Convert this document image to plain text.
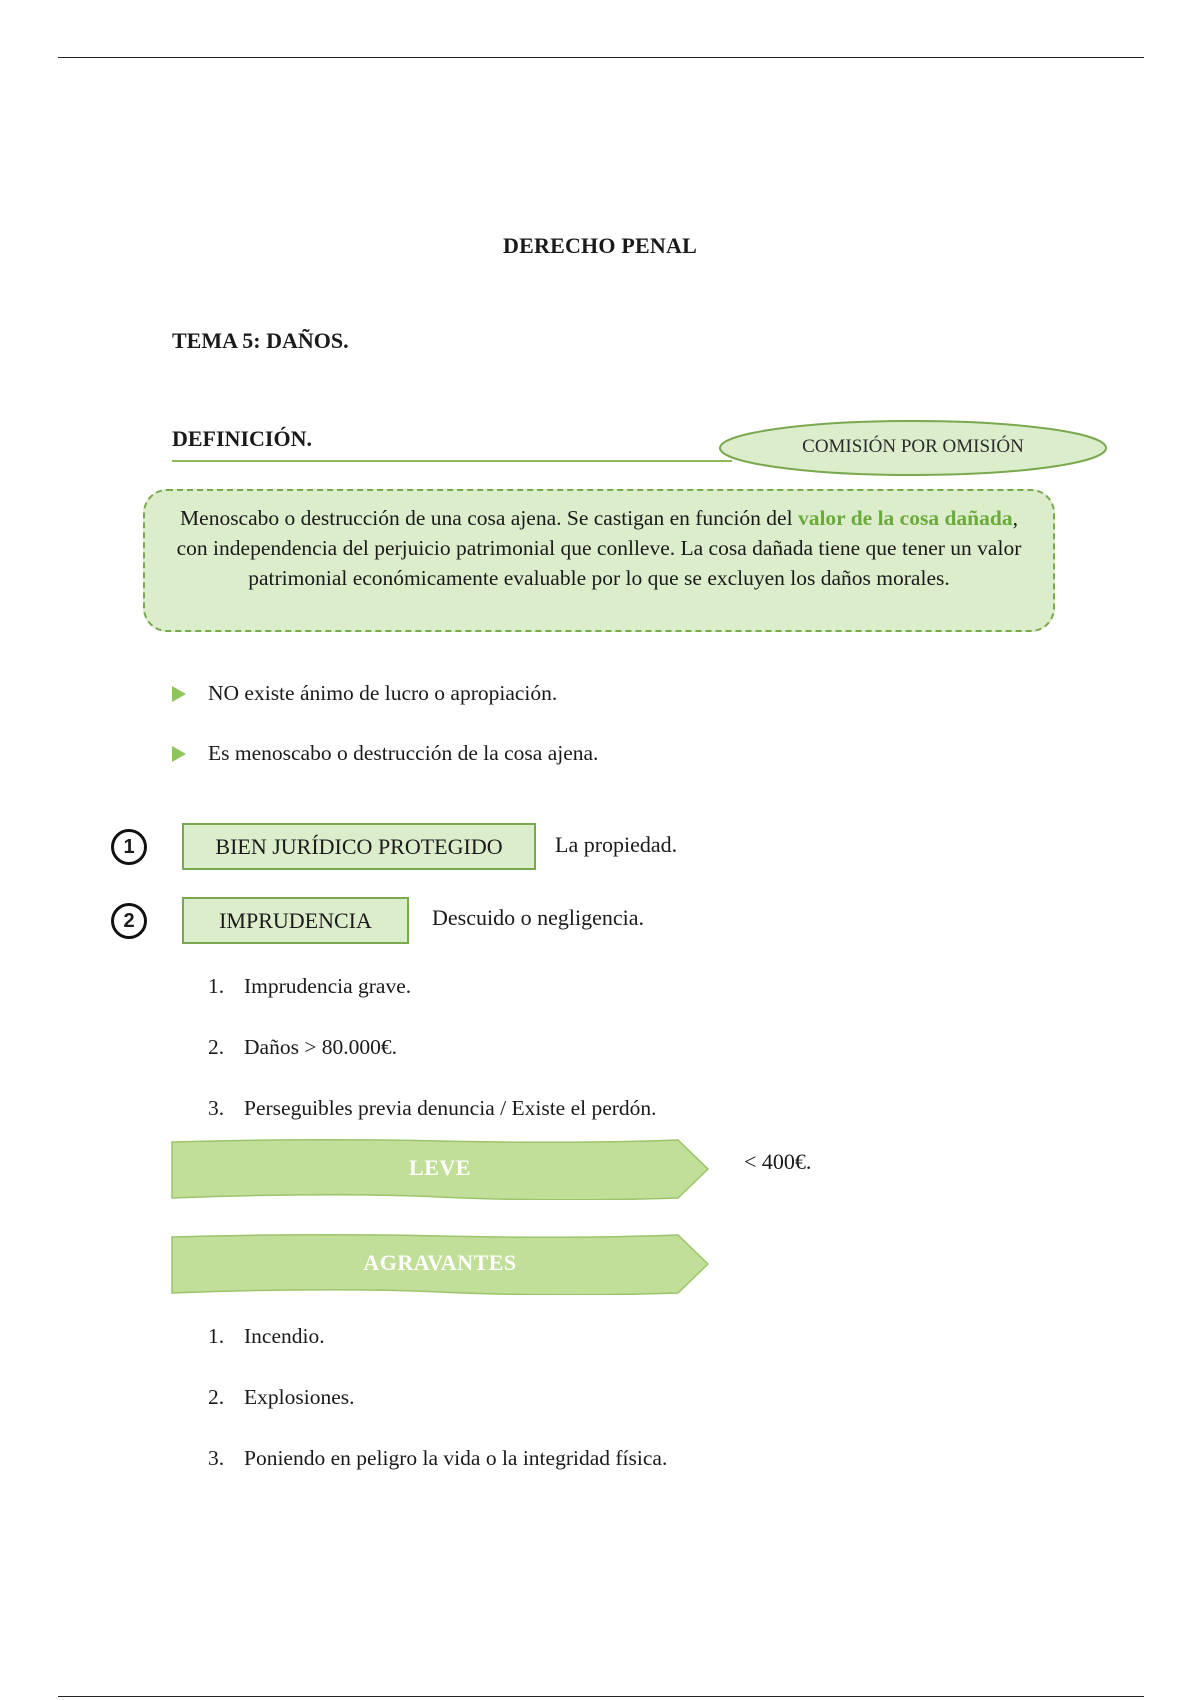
DERECHO PENAL
TEMA 5: DAÑOS.
DEFINICIÓN.	COMISIÓN POR OMISIÓN
Menoscabo o destrucción de una cosa ajena. Se castigan en función del valor de la cosa dañada, con independencia del perjuicio patrimonial que conlleve. La cosa dañada tiene que tener un valor patrimonial económicamente evaluable por lo que se excluyen los daños morales.
NO existe ánimo de lucro o apropiación.
Es menoscabo o destrucción de la cosa ajena.
1	BIEN JURÍDICO PROTEGIDO	La propiedad.
2	IMPRUDENCIA	Descuido o negligencia.
1. Imprudencia grave.
2. Daños > 80.000€.
3. Perseguibles previa denuncia / Existe el perdón.
LEVE	< 400€.
AGRAVANTES
1. Incendio.
2. Explosiones.
3. Poniendo en peligro la vida o la integridad física.
